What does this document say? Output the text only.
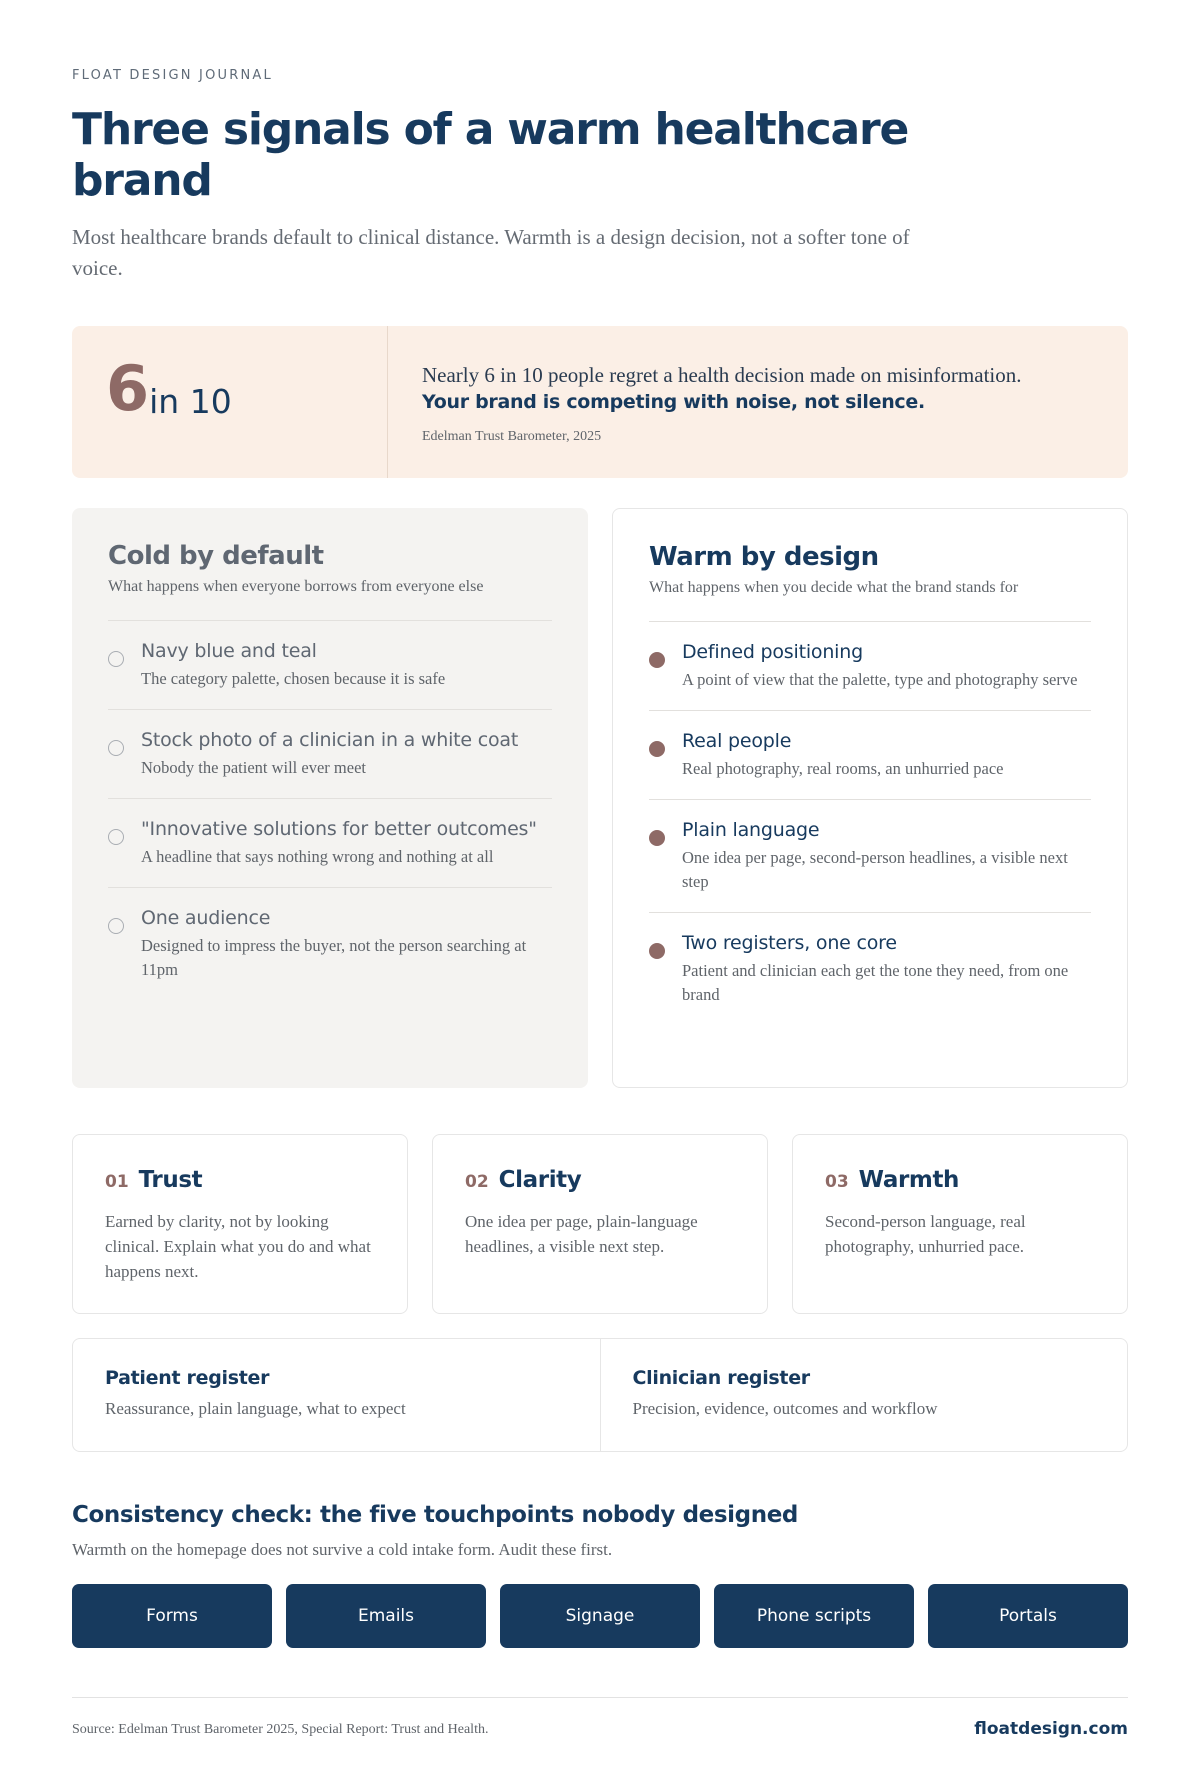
FLOAT DESIGN JOURNAL
Three signals of a warm healthcare brand

Most healthcare brands default to clinical distance. Warmth is a design decision, not a softer tone of voice.

6 in 10
Nearly 6 in 10 people regret a health decision made on misinformation.
Your brand is competing with noise, not silence.
Edelman Trust Barometer, 2025
Cold by default
What happens when everyone borrows from everyone else
Navy blue and teal
The category palette, chosen because it is safe
Stock photo of a clinician in a white coat
Nobody the patient will ever meet
"Innovative solutions for better outcomes"
A headline that says nothing wrong and nothing at all
One audience
Designed to impress the buyer, not the person searching at 11pm
Warm by design
What happens when you decide what the brand stands for
Defined positioning
A point of view that the palette, type and photography serve
Real people
Real photography, real rooms, an unhurried pace
Plain language
One idea per page, second-person headlines, a visible next step
Two registers, one core
Patient and clinician each get the tone they need, from one brand
01 Trust
Earned by clarity, not by looking clinical. Explain what you do and what happens next.
02 Clarity
One idea per page, plain-language headlines, a visible next step.
03 Warmth
Second-person language, real photography, unhurried pace.
Patient register
Reassurance, plain language, what to expect
Clinician register
Precision, evidence, outcomes and workflow
Consistency check: the five touchpoints nobody designed

Warmth on the homepage does not survive a cold intake form. Audit these first.

Forms	Emails	Signage	Phone scripts	Portals
Source: Edelman Trust Barometer 2025, Special Report: Trust and Health.	floatdesign.com
